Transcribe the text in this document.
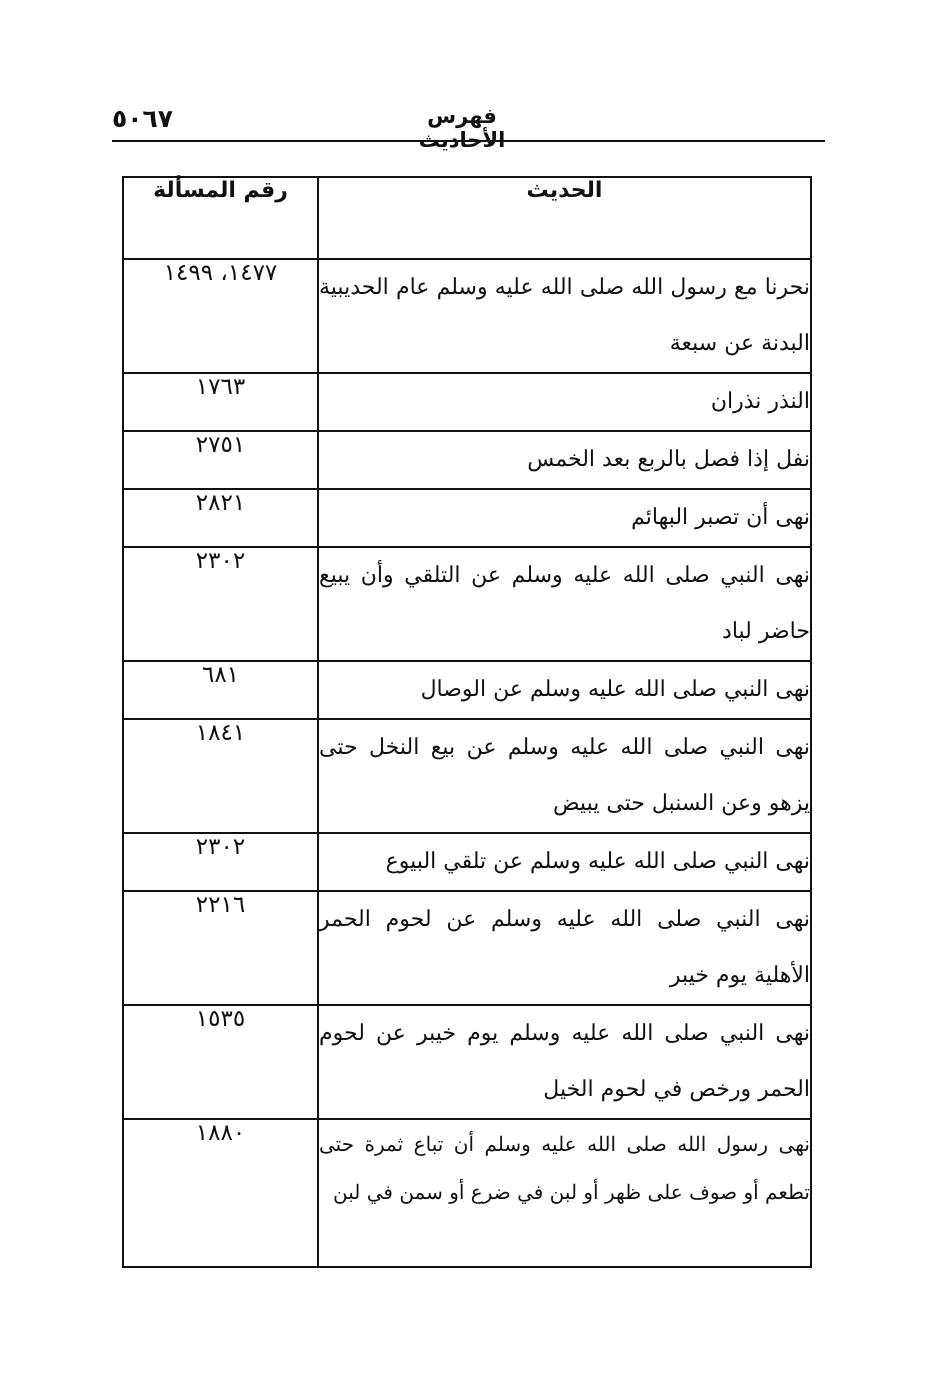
٥٠٦٧	فهرس الأحاديث
رقم المسألة	الحديث
١٤٧٧، ١٤٩٩	نحرنا مع رسول الله صلى الله عليه وسلم عام الحديبية البدنة عن سبعة
١٧٦٣	النذر نذران
٢٧٥١	نفل إذا فصل بالربع بعد الخمس
٢٨٢١	نهى أن تصبر البهائم
٢٣٠٢	نهى النبي صلى الله عليه وسلم عن التلقي وأن يبيع حاضر لباد
٦٨١	نهى النبي صلى الله عليه وسلم عن الوصال
١٨٤١	نهى النبي صلى الله عليه وسلم عن بيع النخل حتى يزهو وعن السنبل حتى يبيض
٢٣٠٢	نهى النبي صلى الله عليه وسلم عن تلقي البيوع
٢٢١٦	نهى النبي صلى الله عليه وسلم عن لحوم الحمر الأهلية يوم خيبر
١٥٣٥	نهى النبي صلى الله عليه وسلم يوم خيبر عن لحوم الحمر ورخص في لحوم الخيل
١٨٨٠	نهى رسول الله صلى الله عليه وسلم أن تباع ثمرة حتى تطعم أو صوف على ظهر أو لبن في ضرع أو سمن في لبن
